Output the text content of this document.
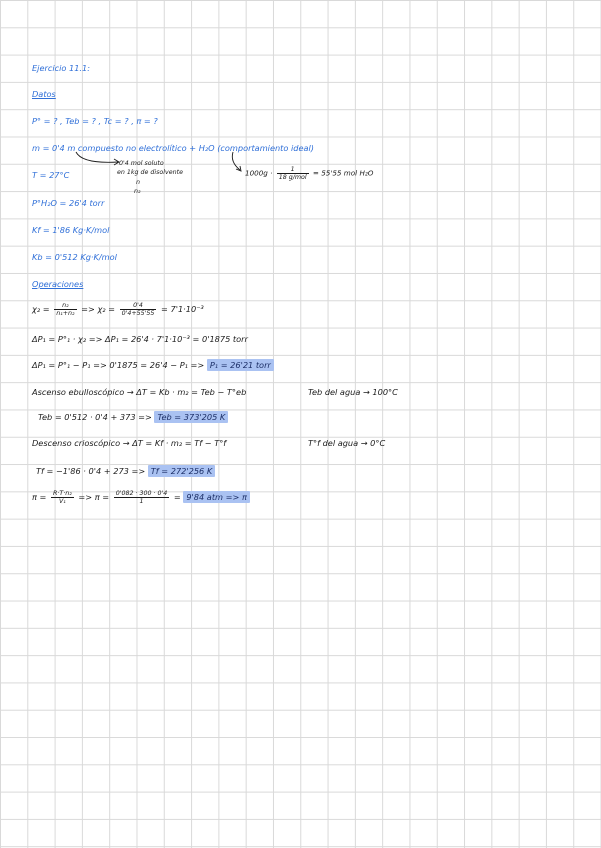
Ejercicio 11.1:
Datos
P° = ? , Teb = ? , Tc = ? , π = ?
m = 0'4 m compuesto no electrolítico + H₂O (comportamiento ideal)
0'4 mol soluto
en 1kg de disolvente
n
n₂
$1000g \cdot \frac{1}{\text{18 g/mol}} = 55'55$ mol H₂O
T = 27°C
P°H₂O = 26'4 torr
Kf = 1'86 Kg·K/mol
Kb = 0'512 Kg·K/mol
Operaciones
$\chi_2 = \frac{\text{n₂}}{\text{n₁+n₂}} => \chi_2 = \frac{0'4}{0'4+55'55} = 7'1\cdot 10^{-3}$
ΔP₁ = P°₁ · χ₂ => ΔP₁ = 26'4 · 7'1·10⁻³ = 0'1875 torr
ΔP₁ = P°₁ − P₁ => 0'1875 = 26'4 − P₁ => P₁ = 26'21 torr
Ascenso ebulloscópico → ΔT = Kb · m₂ = Teb − T°eb	Teb del agua → 100°C
Teb = 0'512 · 0'4 + 373 => Teb = 373'205 K
Descenso crioscópico → ΔT = Kf · m₂ = Tf − T°f	T°f del agua → 0°C
Tf = −1'86 · 0'4 + 273 => Tf = 272'256 K
$\pi = \frac{\text{R·T·n₂}}{\text{V₁}} => \pi = \frac{0'082 \cdot 300 \cdot 0'4}{1} = 9'84$ atm => π
